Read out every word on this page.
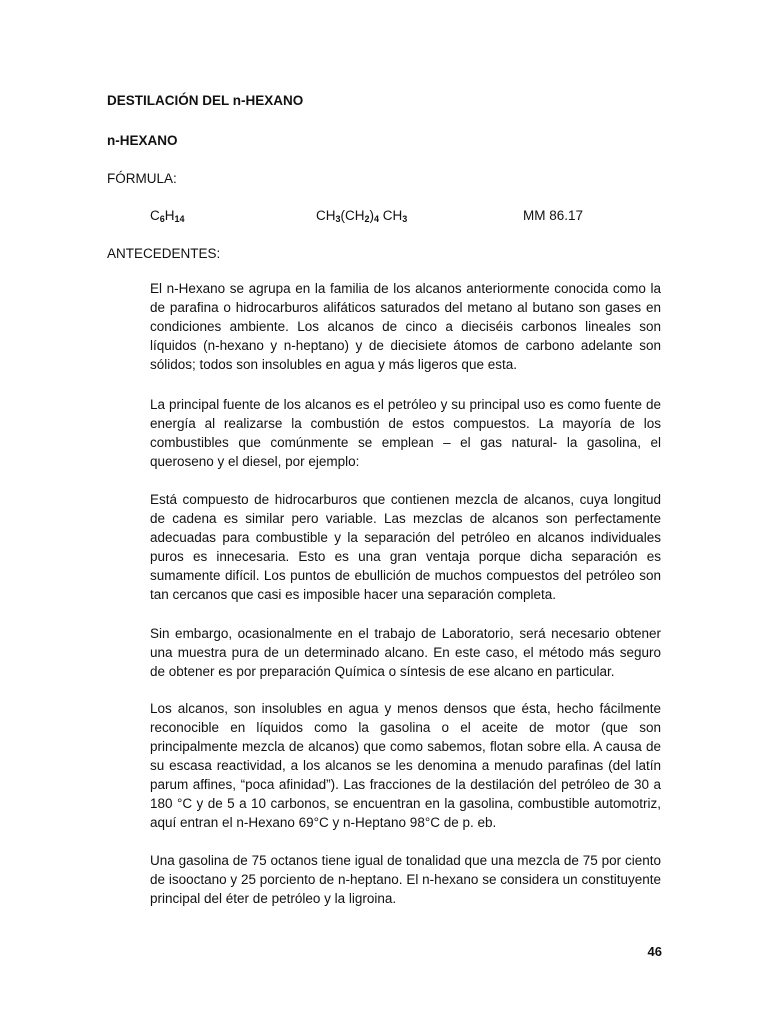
DESTILACIÓN DEL n-HEXANO
n-HEXANO
FÓRMULA:
$C_6H_{14}$	$CH_3(CH_2)_4$ $CH_3$	MM 86.17
ANTECEDENTES:

El n-Hexano se agrupa en la familia de los alcanos anteriormente conocida como la de parafina o hidrocarburos alifáticos saturados del metano al butano son gases en condiciones ambiente. Los alcanos de cinco a dieciséis carbonos lineales son líquidos (n-hexano y n-heptano) y de diecisiete átomos de carbono adelante son sólidos; todos son insolubles en agua y más ligeros que esta.

La principal fuente de los alcanos es el petróleo y su principal uso es como fuente de energía al realizarse la combustión de estos compuestos. La mayoría de los combustibles que comúnmente se emplean – el gas natural- la gasolina, el queroseno y el diesel, por ejemplo:

Está compuesto de hidrocarburos que contienen mezcla de alcanos, cuya longitud de cadena es similar pero variable. Las mezclas de alcanos son perfectamente adecuadas para combustible y la separación del petróleo en alcanos individuales puros es innecesaria. Esto es una gran ventaja porque dicha separación es sumamente difícil. Los puntos de ebullición de muchos compuestos del petróleo son tan cercanos que casi es imposible hacer una separación completa.

Sin embargo, ocasionalmente en el trabajo de Laboratorio, será necesario obtener una muestra pura de un determinado alcano. En este caso, el método más seguro de obtener es por preparación Química o síntesis de ese alcano en particular.

Los alcanos, son insolubles en agua y menos densos que ésta, hecho fácilmente reconocible en líquidos como la gasolina o el aceite de motor (que son principalmente mezcla de alcanos) que como sabemos, flotan sobre ella. A causa de su escasa reactividad, a los alcanos se les denomina a menudo parafinas (del latín parum affines, “poca afinidad”). Las fracciones de la destilación del petróleo de 30 a 180 °C y de 5 a 10 carbonos, se encuentran en la gasolina, combustible automotriz, aquí entran el n-Hexano 69°C y n-Heptano 98°C de p. eb.

Una gasolina de 75 octanos tiene igual de tonalidad que una mezcla de 75 por ciento de isooctano y 25 porciento de n-heptano. El n-hexano se considera un constituyente principal del éter de petróleo y la ligroina.

46
